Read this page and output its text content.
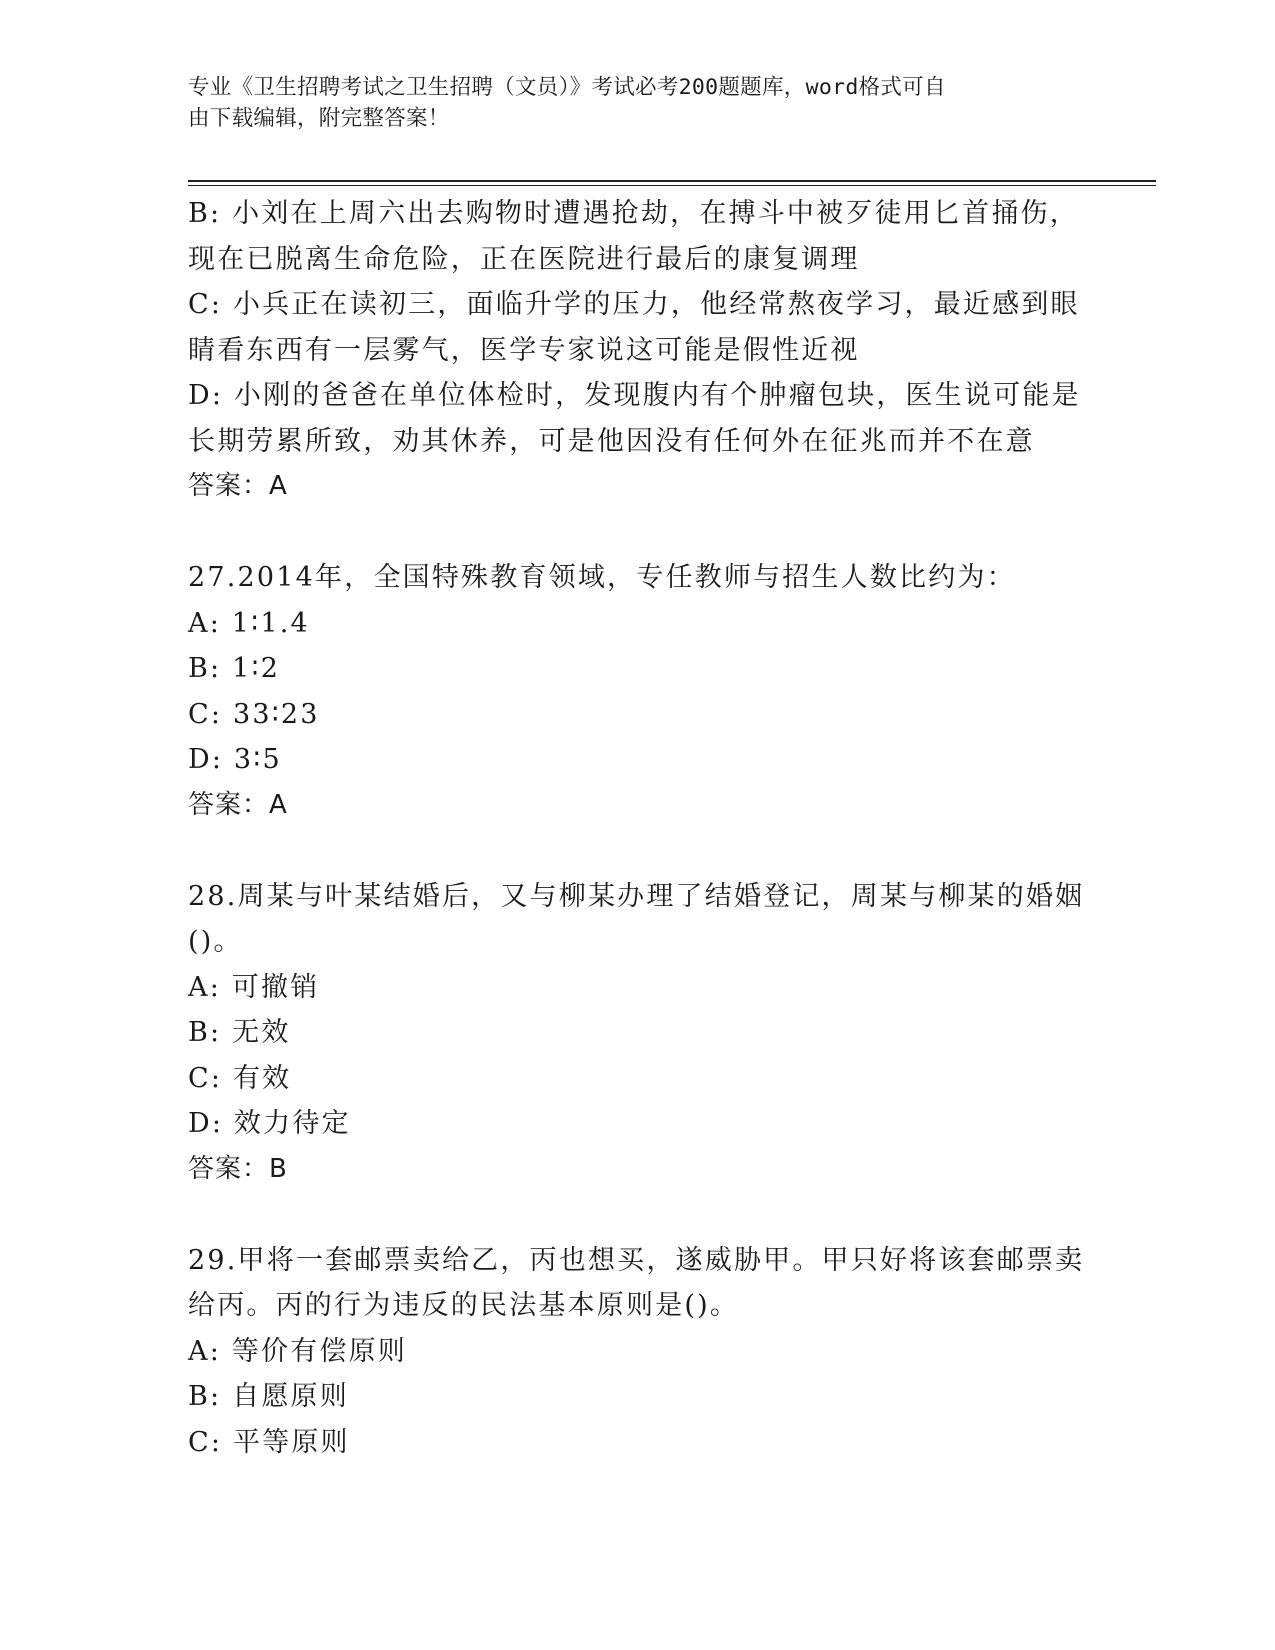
专业《卫生招聘考试之卫生招聘（文员）》考试必考200题题库，word格式可自
由下载编辑，附完整答案！
B: 小刘在上周六出去购物时遭遇抢劫，在搏斗中被歹徒用匕首捅伤，
现在已脱离生命危险，正在医院进行最后的康复调理
C: 小兵正在读初三，面临升学的压力，他经常熬夜学习，最近感到眼
睛看东西有一层雾气，医学专家说这可能是假性近视
D: 小刚的爸爸在单位体检时，发现腹内有个肿瘤包块，医生说可能是
长期劳累所致，劝其休养，可是他因没有任何外在征兆而并不在意
答案：A
27.2014年，全国特殊教育领域，专任教师与招生人数比约为：
A: 1∶1.4
B: 1∶2
C: 33∶23
D: 3∶5
答案：A
28.周某与叶某结婚后，又与柳某办理了结婚登记，周某与柳某的婚姻
()。
A: 可撤销
B: 无效
C: 有效
D: 效力待定
答案：B
29.甲将一套邮票卖给乙，丙也想买，遂威胁甲。甲只好将该套邮票卖
给丙。丙的行为违反的民法基本原则是()。
A: 等价有偿原则
B: 自愿原则
C: 平等原则
